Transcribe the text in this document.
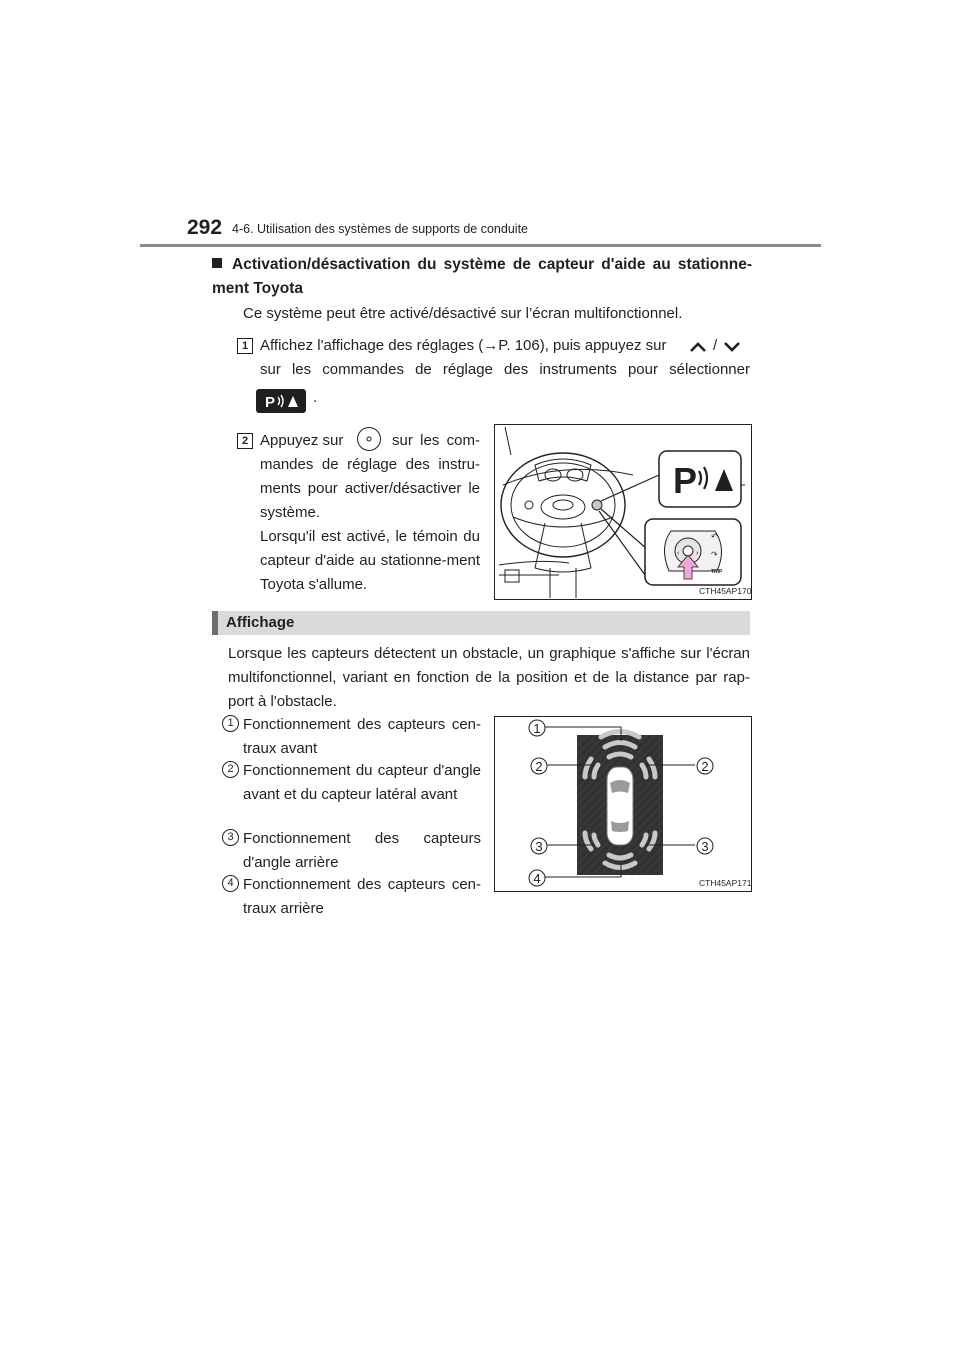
292 4-6. Utilisation des systèmes de supports de conduite
Activation/désactivation du système de capteur d'aide au stationne-ment Toyota
Ce système peut être activé/désactivé sur l’écran multifonctionnel.
1 Affichez l'affichage des réglages (→P. 106), puis appuyez sur	/
sur les commandes de réglage des instruments pour sélectionner
P	.
2 Appuyez sur	sur les com-mandes de réglage des instru-ments pour activer/désactiver le système.
Lorsqu'il est activé, le témoin du capteur d'aide au stationne-ment Toyota s'allume.
P
‹ ›
↶
↷
TRIP
CTH45AP170
Affichage
Lorsque les capteurs détectent un obstacle, un graphique s'affiche sur l'écran multifonctionnel, variant en fonction de la position et de la distance par rap-port à l'obstacle.
1 Fonctionnement des capteurs cen-traux avant
2 Fonctionnement du capteur d'angle avant et du capteur latéral avant
3 Fonctionnement des capteurs d'angle arrière
4 Fonctionnement des capteurs cen-traux arrière
1
2	2
3	3
4	CTH45AP171
